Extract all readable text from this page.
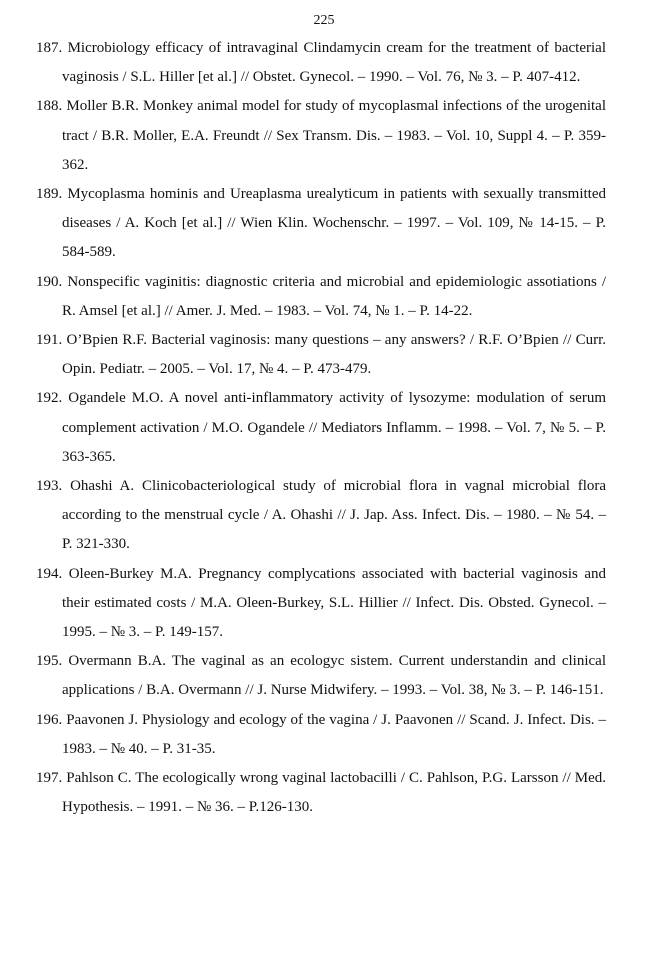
225
187. Microbiology efficacy of intravaginal Clindamycin cream for the treatment of bacterial vaginosis / S.L. Hiller [et al.] // Obstet. Gynecol. – 1990. – Vol. 76, № 3. – P. 407-412.
188. Moller B.R. Monkey animal model for study of mycoplasmal infections of the urogenital tract / B.R. Moller, E.A. Freundt // Sex Transm. Dis. – 1983. – Vol. 10, Suppl 4. – P. 359-362.
189. Mycoplasma hominis and Ureaplasma urealyticum in patients with sexually transmitted diseases / A. Koch [et al.] // Wien Klin. Wochenschr. – 1997. – Vol. 109, № 14-15. – P. 584-589.
190. Nonspecific vaginitis: diagnostic criteria and microbial and epidemiologic assotiations / R. Amsel [et al.] // Amer. J. Med. – 1983. – Vol. 74, № 1. – P. 14-22.
191. O’Bpien R.F. Bacterial vaginosis: many questions – any answers? / R.F. O’Bpien // Curr. Opin. Pediatr. – 2005. – Vol. 17, № 4. – P. 473-479.
192. Ogandele M.O. A novel anti-inflammatory activity of lysozyme: modulation of serum complement activation / M.O. Ogandele // Mediators Inflamm. – 1998. – Vol. 7, № 5. – P. 363-365.
193. Ohashi A. Clinicobacteriological study of microbial flora in vagnal microbial flora according to the menstrual cycle / A. Ohashi // J. Jap. Ass. Infect. Dis. – 1980. – № 54. – P. 321-330.
194. Oleen-Burkey M.A. Pregnancy complycations associated with bacterial vaginosis and their estimated costs / M.A. Oleen-Burkey, S.L. Hillier // Infect. Dis. Obsted. Gynecol. – 1995. – № 3. – P. 149-157.
195. Overmann B.A. The vaginal as an ecologyc sistem. Current understandin and clinical applications / B.A. Overmann // J. Nurse Midwifery. – 1993. – Vol. 38, № 3. – P. 146-151.
196. Paavonen J. Physiology and ecology of the vagina / J. Paavonen // Scand. J. Infect. Dis. – 1983. – № 40. – P. 31-35.
197. Pahlson C. The ecologically wrong vaginal lactobacilli / C. Pahlson, P.G. Larsson // Med. Hypothesis. – 1991. – № 36. – P.126-130.
